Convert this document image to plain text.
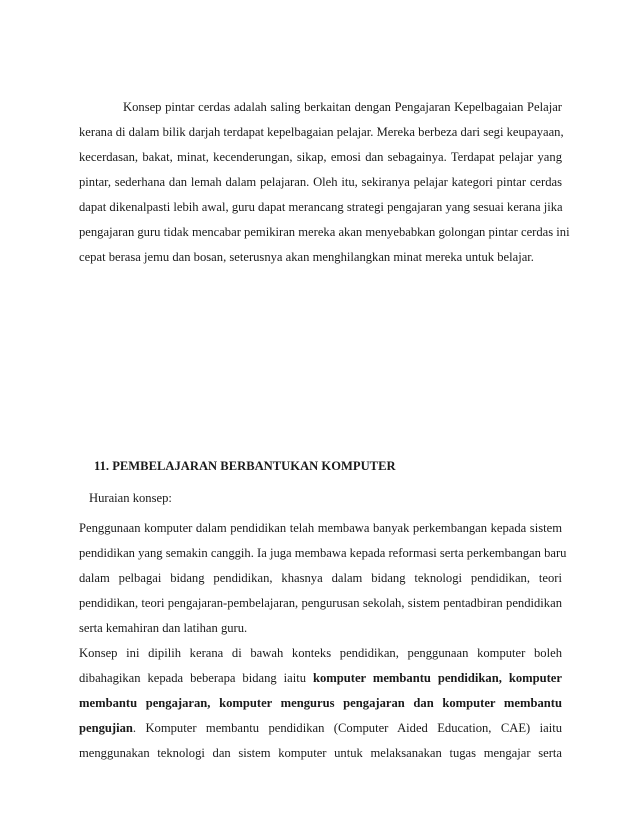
Konsep pintar cerdas adalah saling berkaitan dengan Pengajaran Kepelbagaian Pelajar
kerana di dalam bilik darjah terdapat kepelbagaian pelajar. Mereka berbeza dari segi keupayaan,
kecerdasan, bakat, minat, kecenderungan, sikap, emosi dan sebagainya. Terdapat pelajar yang
pintar, sederhana dan lemah dalam pelajaran. Oleh itu, sekiranya pelajar kategori pintar cerdas
dapat dikenalpasti lebih awal, guru dapat merancang strategi pengajaran yang sesuai kerana jika
pengajaran guru tidak mencabar pemikiran mereka akan menyebabkan golongan pintar cerdas ini
cepat berasa jemu dan bosan, seterusnya akan menghilangkan minat mereka untuk belajar.
11. PEMBELAJARAN BERBANTUKAN KOMPUTER
Huraian konsep:
Penggunaan komputer dalam pendidikan telah membawa banyak perkembangan kepada sistem
pendidikan yang semakin canggih. Ia juga membawa kepada reformasi serta perkembangan baru
dalam pelbagai bidang pendidikan, khasnya dalam bidang teknologi pendidikan, teori
pendidikan, teori pengajaran-pembelajaran, pengurusan sekolah, sistem pentadbiran pendidikan
serta kemahiran dan latihan guru.
Konsep ini dipilih kerana di bawah konteks pendidikan, penggunaan komputer boleh
dibahagikan kepada beberapa bidang iaitu komputer membantu pendidikan, komputer
membantu pengajaran, komputer mengurus pengajaran dan komputer membantu
pengujian. Komputer membantu pendidikan (Computer Aided Education, CAE) iaitu
menggunakan teknologi dan sistem komputer untuk melaksanakan tugas mengajar serta
